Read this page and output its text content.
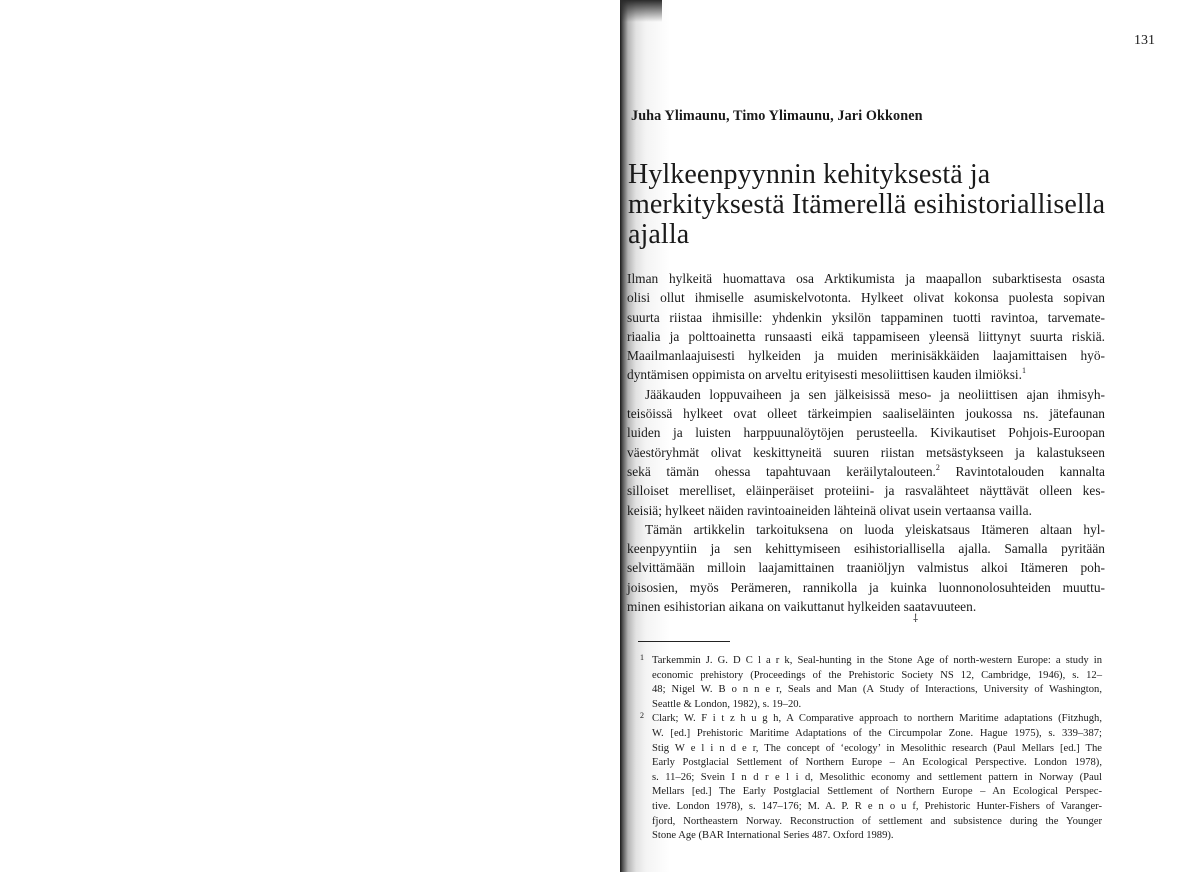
131
Juha Ylimaunu, Timo Ylimaunu, Jari Okkonen
Hylkeenpyynnin kehityksestä ja
merkityksestä Itämerellä esihistoriallisella
ajalla
Ilman hylkeitä huomattava osa Arktikumista ja maapallon subarktisesta osasta
olisi ollut ihmiselle asumiskelvotonta. Hylkeet olivat kokonsa puolesta sopivan
suurta riistaa ihmisille: yhdenkin yksilön tappaminen tuotti ravintoa, tarvemate-
riaalia ja polttoainetta runsaasti eikä tappamiseen yleensä liittynyt suurta riskiä.
Maailmanlaajuisesti hylkeiden ja muiden merinisäkkäiden laajamittaisen hyö-
dyntämisen oppimista on arveltu erityisesti mesoliittisen kauden ilmiöksi.$^1$
Jääkauden loppuvaiheen ja sen jälkeisissä meso- ja neoliittisen ajan ihmisyh-
teisöissä hylkeet ovat olleet tärkeimpien saaliseläinten joukossa ns. jätefaunan
luiden ja luisten harppuunalöytöjen perusteella. Kivikautiset Pohjois-Euroopan
väestöryhmät olivat keskittyneitä suuren riistan metsästykseen ja kalastukseen
sekä tämän ohessa tapahtuvaan keräilytalouteen.$^2$ Ravintotalouden kannalta
silloiset merelliset, eläinperäiset proteiini- ja rasvalähteet näyttävät olleen kes-
keisiä; hylkeet näiden ravintoaineiden lähteinä olivat usein vertaansa vailla.
Tämän artikkelin tarkoituksena on luoda yleiskatsaus Itämeren altaan hyl-
keenpyyntiin ja sen kehittymiseen esihistoriallisella ajalla. Samalla pyritään
selvittämään milloin laajamittainen traaniöljyn valmistus alkoi Itämeren poh-
joisosien, myös Perämeren, rannikolla ja kuinka luonnonolosuhteiden muuttu-
minen esihistorian aikana on vaikuttanut hylkeiden saatavuuteen.
⸸
1 Tarkemmin J. G. D C l a r k, Seal-hunting in the Stone Age of north-western Europe: a study in
economic prehistory (Proceedings of the Prehistoric Society NS 12, Cambridge, 1946), s. 12–
48; Nigel W. B o n n e r, Seals and Man (A Study of Interactions, University of Washington,
Seattle & London, 1982), s. 19–20.
2 Clark; W. F i t z h u g h, A Comparative approach to northern Maritime adaptations (Fitzhugh,
W. [ed.] Prehistoric Maritime Adaptations of the Circumpolar Zone. Hague 1975), s. 339–387;
Stig W e l i n d e r, The concept of ‘ecology’ in Mesolithic research (Paul Mellars [ed.] The
Early Postglacial Settlement of Northern Europe – An Ecological Perspective. London 1978),
s. 11–26; Svein I n d r e l i d, Mesolithic economy and settlement pattern in Norway (Paul
Mellars [ed.] The Early Postglacial Settlement of Northern Europe – An Ecological Perspec-
tive. London 1978), s. 147–176; M. A. P. R e n o u f, Prehistoric Hunter-Fishers of Varanger-
fjord, Northeastern Norway. Reconstruction of settlement and subsistence during the Younger
Stone Age (BAR International Series 487. Oxford 1989).
